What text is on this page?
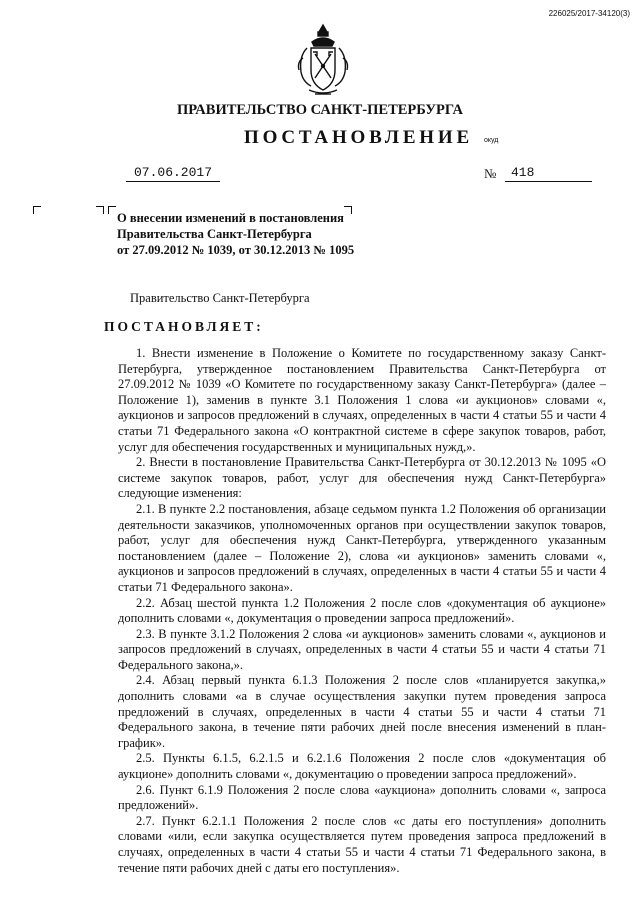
226025/2017-34120(3)
ПРАВИТЕЛЬСТВО САНКТ-ПЕТЕРБУРГА
ПОСТАНОВЛЕНИЕ окуд
07.06.2017	№	418
О внесении изменений в постановления
Правительства Санкт-Петербурга
от 27.09.2012 № 1039, от 30.12.2013 № 1095
Правительство Санкт-Петербурга
ПОСТАНОВЛЯЕТ:

1. Внести изменение в Положение о Комитете по государственному заказу Санкт-Петербурга, утвержденное постановлением Правительства Санкт-Петербурга от 27.09.2012 № 1039 «О Комитете по государственному заказу Санкт-Петербурга» (далее – Положение 1), заменив в пункте 3.1 Положения 1 слова «и аукционов» словами «, аукционов и запросов предложений в случаях, определенных в части 4 статьи 55 и части 4 статьи 71 Федерального закона «О контрактной системе в сфере закупок товаров, работ, услуг для обеспечения государственных и муниципальных нужд,».

2. Внести в постановление Правительства Санкт-Петербурга от 30.12.2013 № 1095 «О системе закупок товаров, работ, услуг для обеспечения нужд Санкт-Петербурга» следующие изменения:

2.1. В пункте 2.2 постановления, абзаце седьмом пункта 1.2 Положения об организации деятельности заказчиков, уполномоченных органов при осуществлении закупок товаров, работ, услуг для обеспечения нужд Санкт-Петербурга, утвержденного указанным постановлением (далее – Положение 2), слова «и аукционов» заменить словами «, аукционов и запросов предложений в случаях, определенных в части 4 статьи 55 и части 4 статьи 71 Федерального закона».

2.2. Абзац шестой пункта 1.2 Положения 2 после слов «документация об аукционе» дополнить словами «, документация о проведении запроса предложений».

2.3. В пункте 3.1.2 Положения 2 слова «и аукционов» заменить словами «, аукционов и запросов предложений в случаях, определенных в части 4 статьи 55 и части 4 статьи 71 Федерального закона,».

2.4. Абзац первый пункта 6.1.3 Положения 2 после слов «планируется закупка,» дополнить словами «а в случае осуществления закупки путем проведения запроса предложений в случаях, определенных в части 4 статьи 55 и части 4 статьи 71 Федерального закона, в течение пяти рабочих дней после внесения изменений в план-график».

2.5. Пункты 6.1.5, 6.2.1.5 и 6.2.1.6 Положения 2 после слов «документация об аукционе» дополнить словами «, документацию о проведении запроса предложений».

2.6. Пункт 6.1.9 Положения 2 после слова «аукциона» дополнить словами «, запроса предложений».

2.7. Пункт 6.2.1.1 Положения 2 после слов «с даты его поступления» дополнить словами «или, если закупка осуществляется путем проведения запроса предложений в случаях, определенных в части 4 статьи 55 и части 4 статьи 71 Федерального закона, в течение пяти рабочих дней с даты его поступления».
